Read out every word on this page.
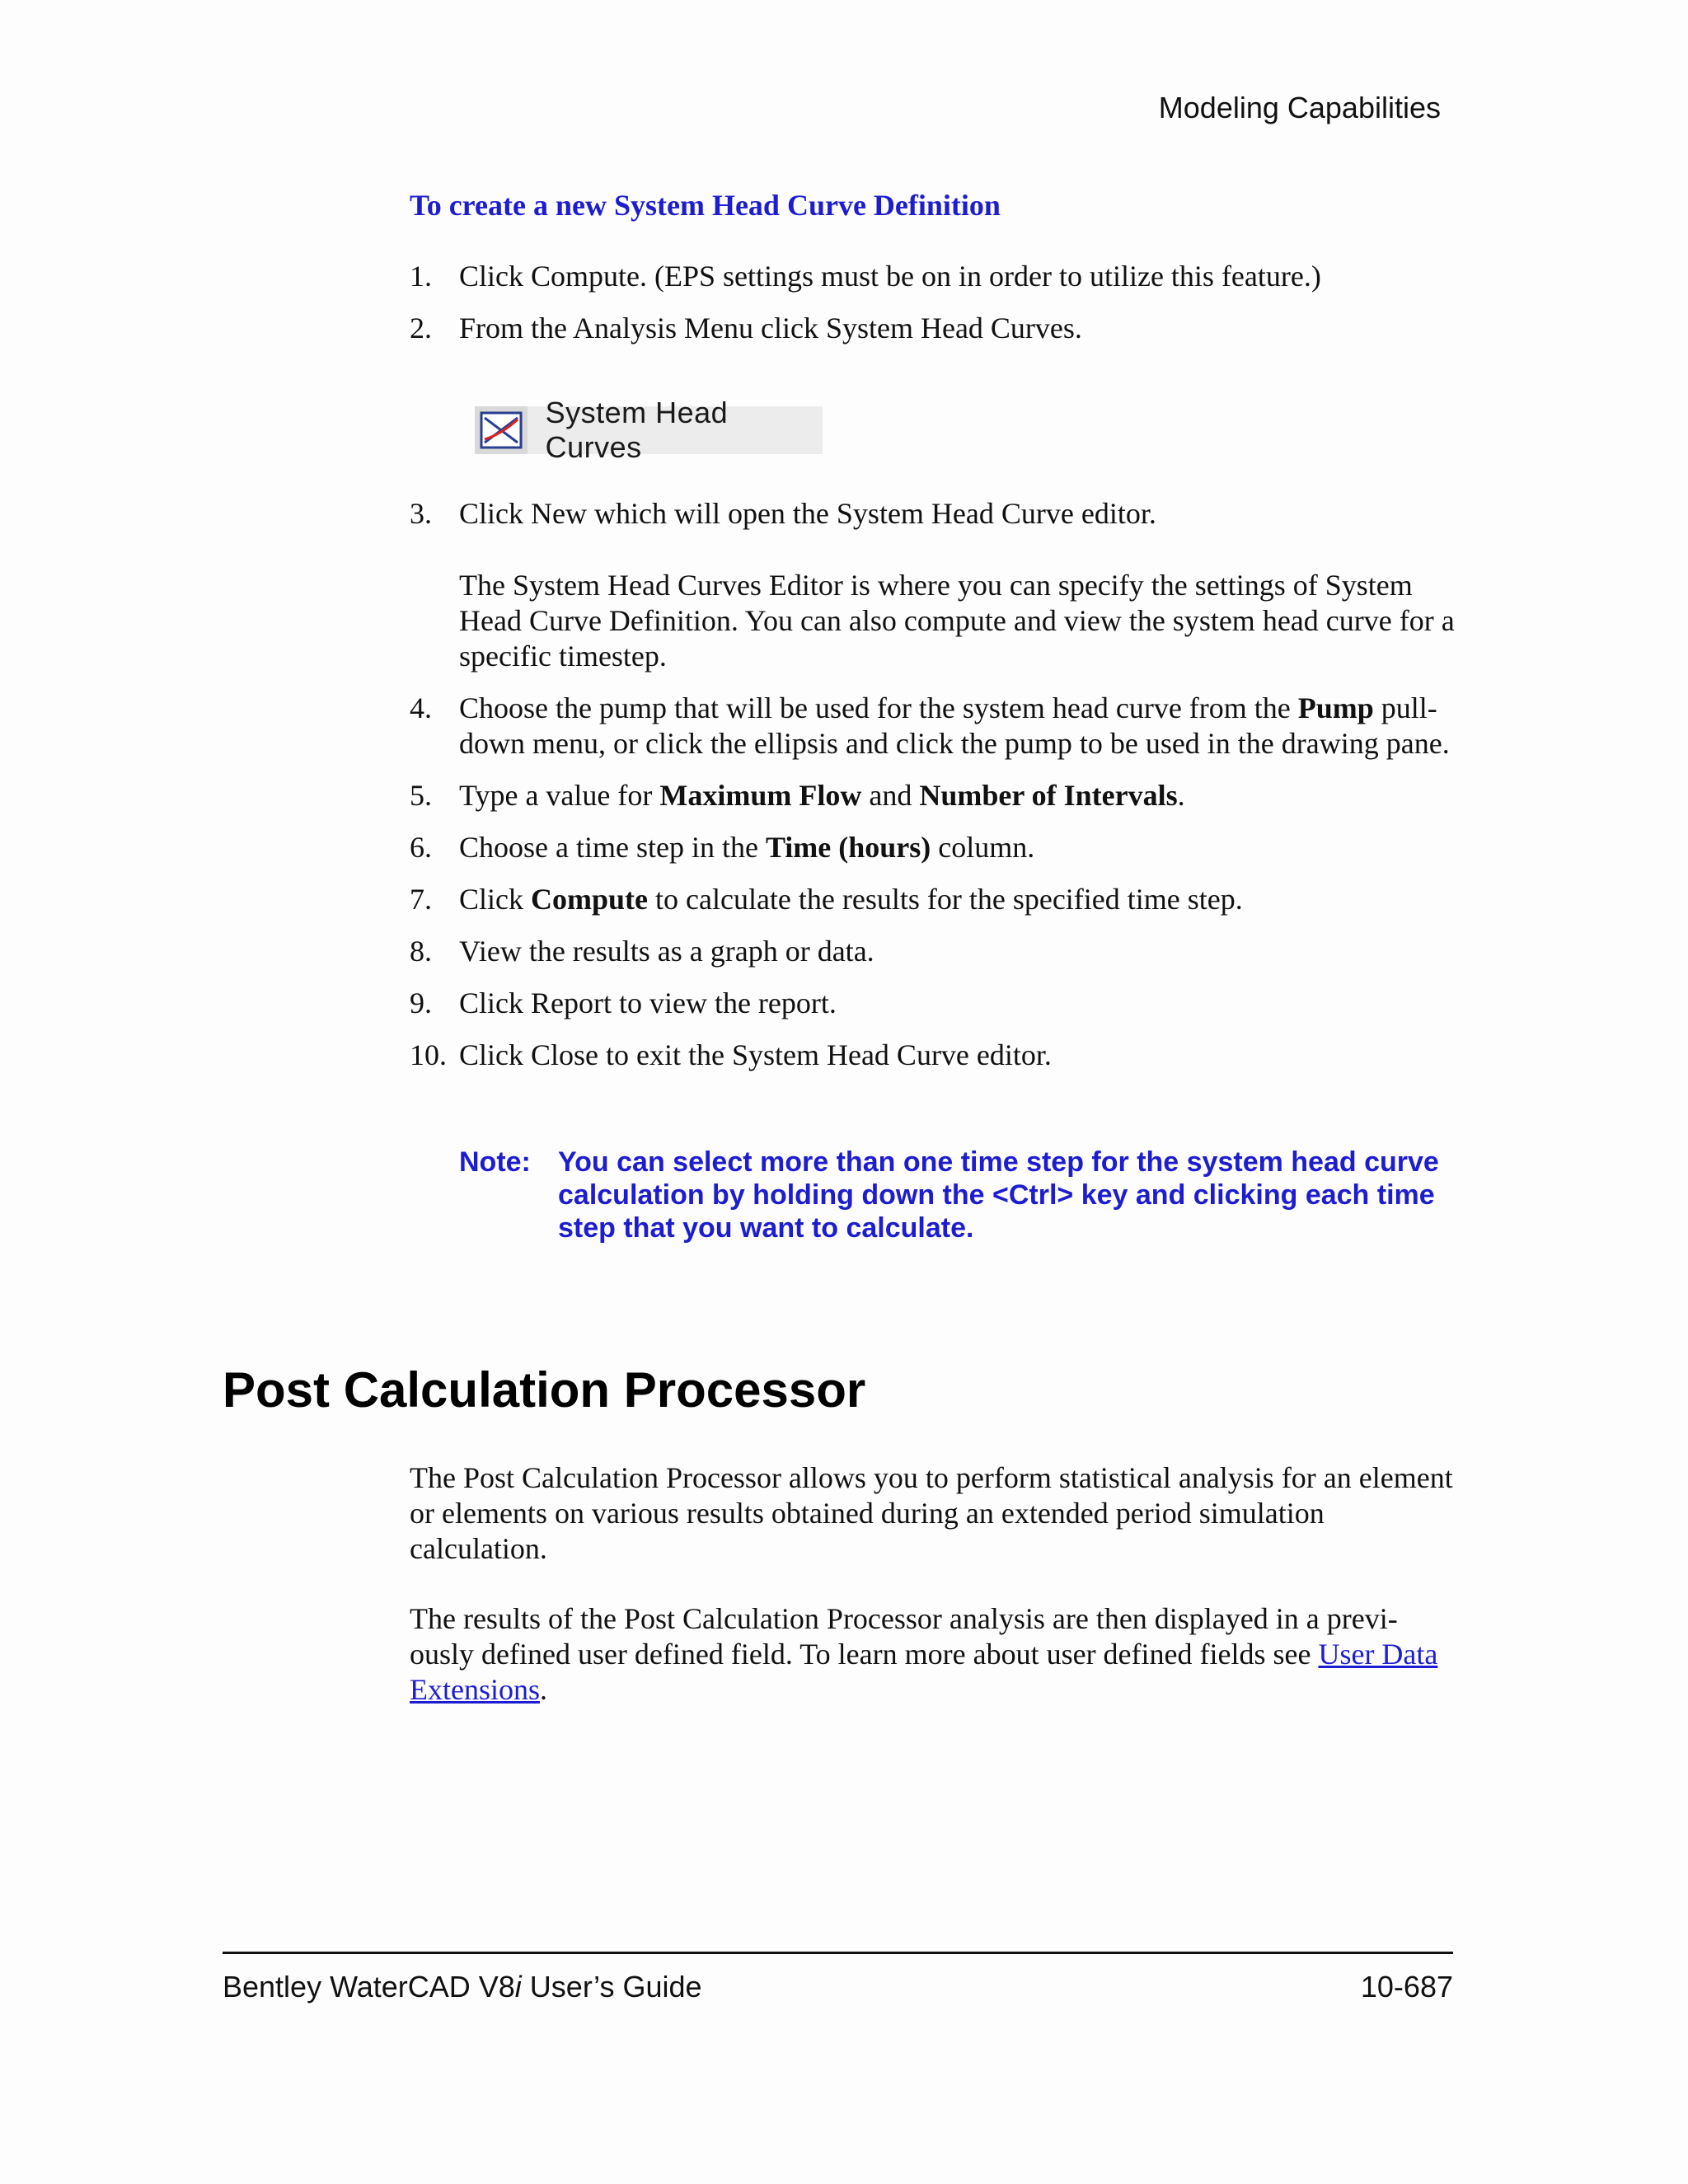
Modeling Capabilities
To create a new System Head Curve Definition
1. Click Compute. (EPS settings must be on in order to utilize this feature.)
2. From the Analysis Menu click System Head Curves.
System Head Curves
3. Click New which will open the System Head Curve editor.
The System Head Curves Editor is where you can specify the settings of System Head Curve Definition. You can also compute and view the system head curve for a specific timestep.
4. Choose the pump that will be used for the system head curve from the Pump pull-down menu, or click the ellipsis and click the pump to be used in the drawing pane.
5. Type a value for Maximum Flow and Number of Intervals.
6. Choose a time step in the Time (hours) column.
7. Click Compute to calculate the results for the specified time step.
8. View the results as a graph or data.
9. Click Report to view the report.
10. Click Close to exit the System Head Curve editor.
Note: You can select more than one time step for the system head curve calculation by holding down the <Ctrl> key and clicking each time step that you want to calculate.
Post Calculation Processor
The Post Calculation Processor allows you to perform statistical analysis for an element or elements on various results obtained during an extended period simulation calculation.
The results of the Post Calculation Processor analysis are then displayed in a previ-ously defined user defined field. To learn more about user defined fields see User Data Extensions.
Bentley WaterCAD V8i User’s Guide	10-687
